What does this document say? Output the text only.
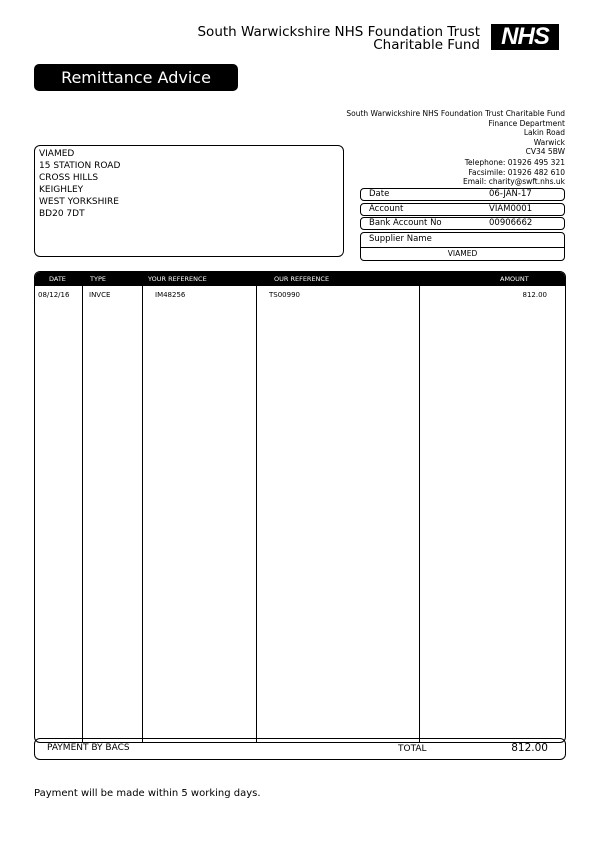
South Warwickshire NHS Foundation Trust
Charitable Fund NHS
Remittance Advice
South Warwickshire NHS Foundation Trust Charitable Fund
Finance Department
Lakin Road
Warwick
CV34 5BW
VIAMED
15 STATION ROAD
CROSS HILLS
KEIGHLEY
WEST YORKSHIRE
BD20 7DT
Telephone: 01926 495 321
Facsimile: 01926 482 610
Email: charity@swft.nhs.uk
Date	06-JAN-17
Account	VIAM0001
Bank Account No	00906662
Supplier Name
VIAMED
DATE	TYPE	YOUR REFERENCE	OUR REFERENCE	AMOUNT
08/12/16	INVCE	IM48256	TS00990	812.00
PAYMENT BY BACS	TOTAL	812.00
Payment will be made within 5 working days.
